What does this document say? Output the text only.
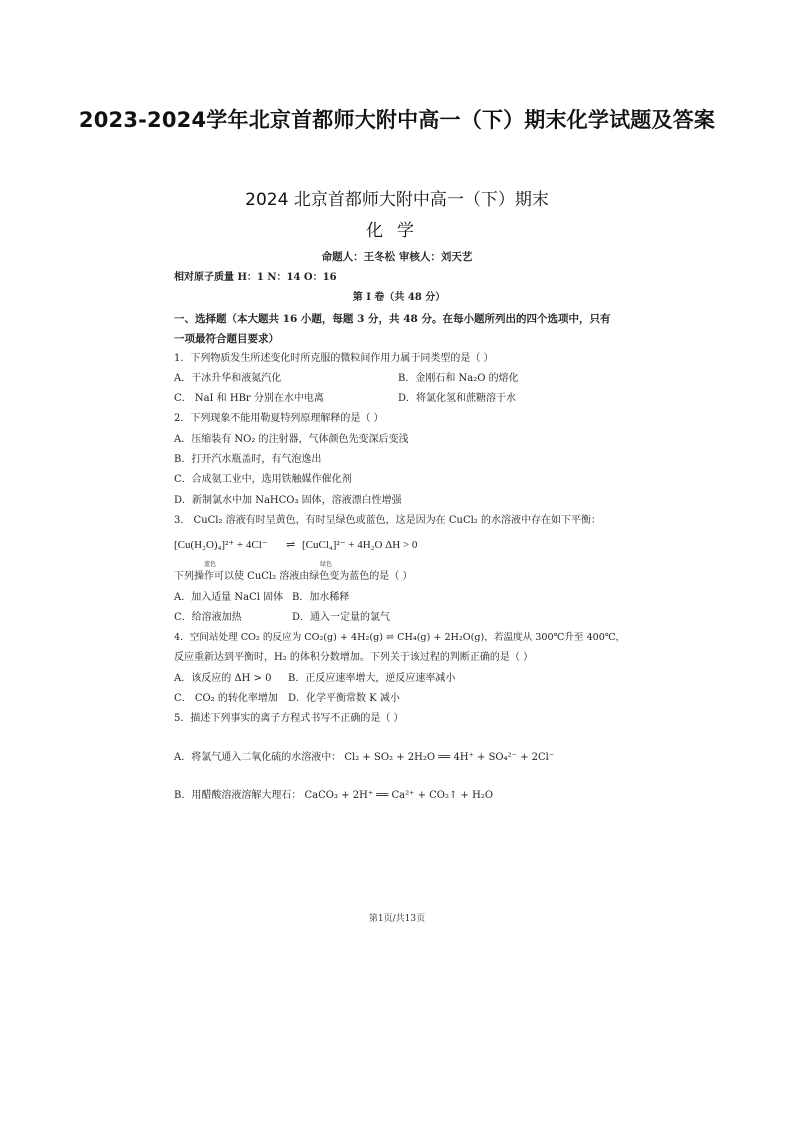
2023-2024学年北京首都师大附中高一（下）期末化学试题及答案
2024 北京首都师大附中高一（下）期末
化学
命题人：王冬松 审核人：刘天艺
相对原子质量 H：1 N：14 O：16
第 I 卷（共 48 分）
一、选择题（本大题共 16 小题，每题 3 分，共 48 分。在每小题所列出的四个选项中，只有
一项最符合题目要求）
1．下列物质发生所述变化时所克服的微粒间作用力属于同类型的是（ ）
A．干冰升华和液氮汽化	B．金刚石和 Na₂O 的熔化
C． NaI 和 HBr 分别在水中电离	D．将氯化氢和蔗糖溶于水
2．下列现象不能用勒夏特列原理解释的是（ ）
A．压缩装有 NO₂ 的注射器，气体颜色先变深后变浅
B．打开汽水瓶盖时，有气泡逸出
C．合成氨工业中，选用铁触媒作催化剂
D．新制氯水中加 NaHCO₃ 固体，溶液漂白性增强
3． CuCl₂ 溶液有时呈黄色，有时呈绿色或蓝色，这是因为在 CuCl₂ 的水溶液中存在如下平衡：
[Cu(H₂O)₄]²⁺ + 4Cl⁻ ⇌ [CuCl₄]²⁻ + 4H₂O ΔH > 0
蓝色	绿色
下列操作可以使 CuCl₂ 溶液由绿色变为蓝色的是（ ）
A．加入适量 NaCl 固体 B．加水稀释
C．给溶液加热	D．通入一定量的氯气
4．空间站处理 CO₂ 的反应为 CO₂(g) + 4H₂(g) ⇌ CH₄(g) + 2H₂O(g)，若温度从 300℃升至 400℃，
反应重新达到平衡时，H₂ 的体积分数增加。下列关于该过程的判断正确的是（ ）
A．该反应的 ΔH > 0	B．正反应速率增大，逆反应速率减小
C． CO₂ 的转化率增加	D．化学平衡常数 K 减小
5．描述下列事实的离子方程式书写不正确的是（ ）
A．将氯气通入二氧化硫的水溶液中： Cl₂ + SO₂ + 2H₂O ══ 4H⁺ + SO₄²⁻ + 2Cl⁻
B．用醋酸溶液溶解大理石： CaCO₃ + 2H⁺ ══ Ca²⁺ + CO₂↑ + H₂O
第1页/共13页
